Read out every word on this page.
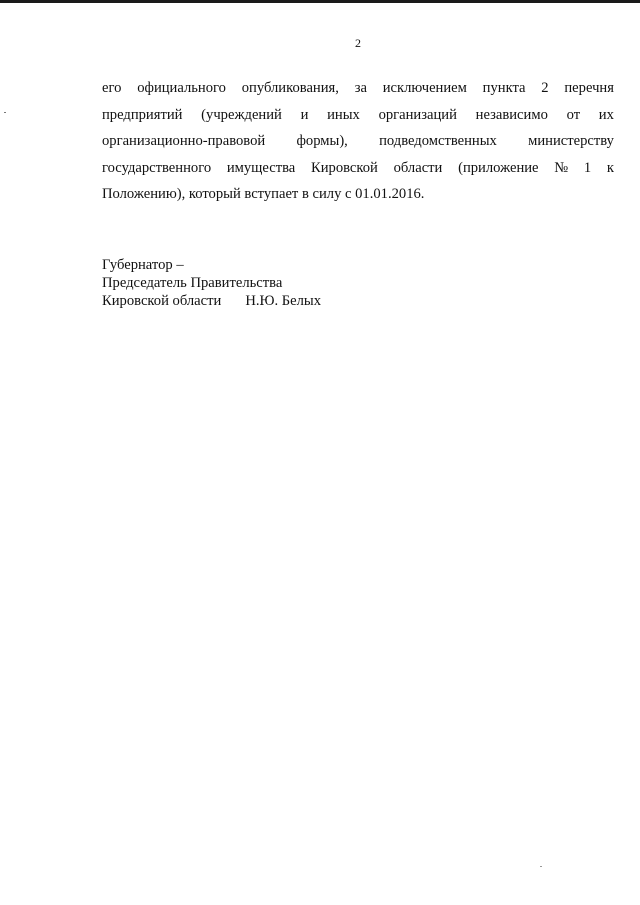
2
его официального опубликования, за исключением пункта 2 перечня
предприятий (учреждений и иных организаций независимо от их
организационно-правовой формы), подведомственных министерству
государственного имущества Кировской области (приложение № 1 к
Положению), который вступает в силу с 01.01.2016.
Губернатор –
Председатель Правительства
Кировской области Н.Ю. Белых
